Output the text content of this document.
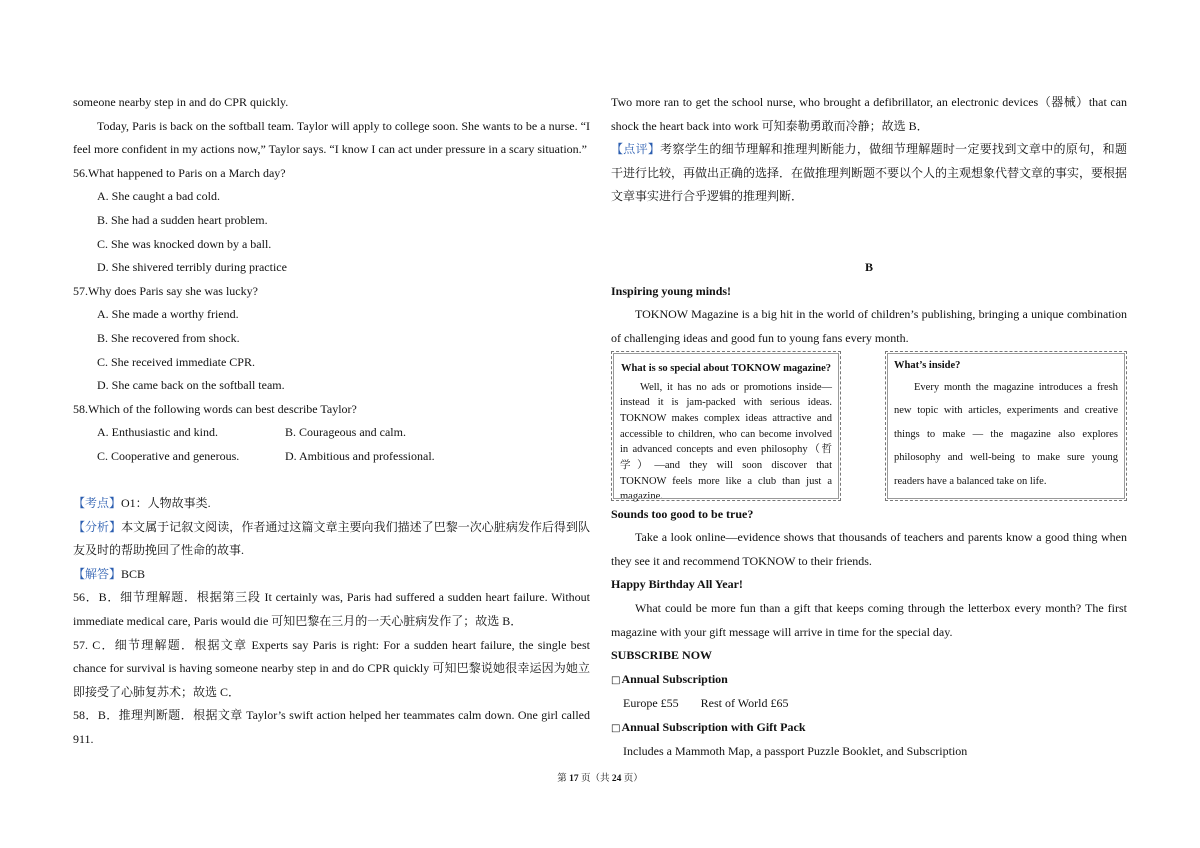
someone nearby step in and do CPR quickly.

Today, Paris is back on the softball team. Taylor will apply to college soon. She wants to be a nurse. “I feel more confident in my actions now,” Taylor says. “I know I can act under pressure in a scary situation.”

56.What happened to Paris on a March day?

A. She caught a bad cold.

B. She had a sudden heart problem.

C. She was knocked down by a ball.

D. She shivered terribly during practice

57.Why does Paris say she was lucky?

A. She made a worthy friend.

B. She recovered from shock.

C. She received immediate CPR.

D. She came back on the softball team.

58.Which of the following words can best describe Taylor?

A. Enthusiastic and kind.	B. Courageous and calm.
C. Cooperative and generous.	D. Ambitious and professional.

【考点】O1：人物故事类.

【分析】本文属于记叙文阅读，作者通过这篇文章主要向我们描述了巴黎一次心脏病发作后得到队友及时的帮助挽回了性命的故事.

【解答】BCB

56．B．细节理解题．根据第三段 It certainly was, Paris had suffered a sudden heart failure. Without immediate medical care, Paris would die 可知巴黎在三月的一天心脏病发作了；故选 B．

57. C．细节理解题．根据文章 Experts say Paris is right: For a sudden heart failure, the single best chance for survival is having someone nearby step in and do CPR quickly 可知巴黎说她很幸运因为她立即接受了心肺复苏术；故选 C．

58．B．推理判断题．根据文章 Taylor’s swift action helped her teammates calm down. One girl called 911.

Two more ran to get the school nurse, who brought a defibrillator, an electronic devices（器械）that can shock the heart back into work 可知泰勒勇敢而冷静；故选 B．

【点评】考察学生的细节理解和推理判断能力，做细节理解题时一定要找到文章中的原句，和题干进行比较，再做出正确的选择．在做推理判断题不要以个人的主观想象代替文章的事实，要根据文章事实进行合乎逻辑的推理判断．

B

Inspiring young minds!

TOKNOW Magazine is a big hit in the world of children’s publishing, bringing a unique combination of challenging ideas and good fun to young fans every month.

What is so special about TOKNOW magazine?

Well, it has no ads or promotions inside—instead it is jam-packed with serious ideas. TOKNOW makes complex ideas attractive and accessible to children, who can become involved in advanced concepts and even philosophy（哲学）—and they will soon discover that TOKNOW feels more like a club than just a magazine.

What’s inside?

Every month the magazine introduces a fresh new topic with articles, experiments and creative things to make — the magazine also explores philosophy and well-being to make sure young readers have a balanced take on life.

Sounds too good to be true?

Take a look online—evidence shows that thousands of teachers and parents know a good thing when they see it and recommend TOKNOW to their friends.

Happy Birthday All Year!

What could be more fun than a gift that keeps coming through the letterbox every month? The first magazine with your gift message will arrive in time for the special day.

SUBSCRIBE NOW

□Annual Subscription

Europe £55 Rest of World £65

□Annual Subscription with Gift Pack

Includes a Mammoth Map, a passport Puzzle Booklet, and Subscription

第 17 页（共 24 页）
